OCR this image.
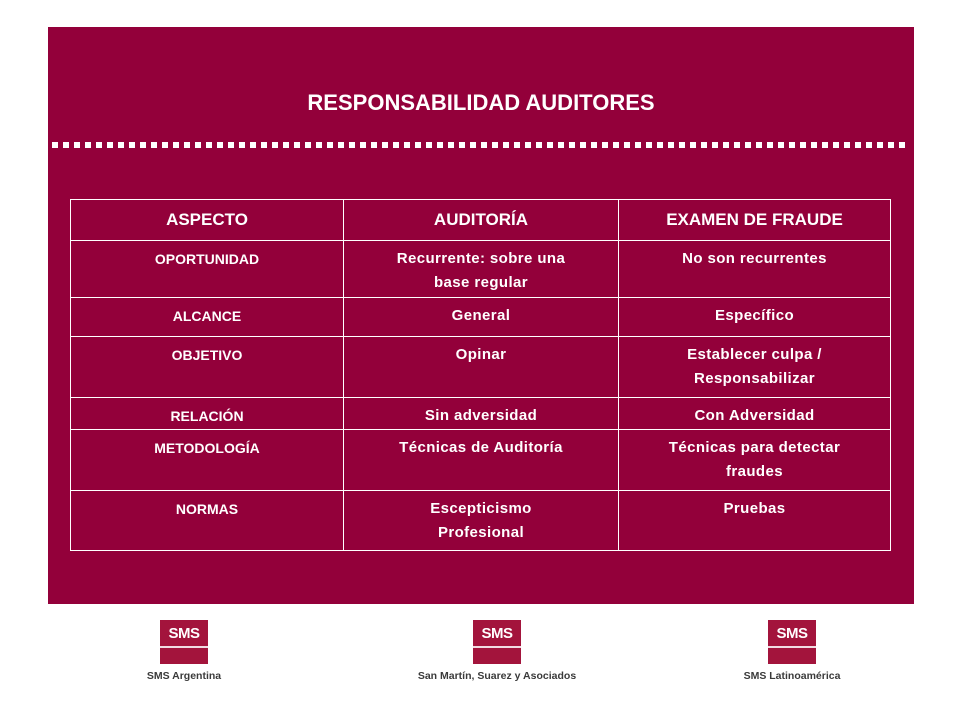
RESPONSABILIDAD AUDITORES
ASPECTO	AUDITORÍA	EXAMEN DE FRAUDE
OPORTUNIDAD	Recurrente: sobre una base regular	No son recurrentes
ALCANCE	General	Específico
OBJETIVO	Opinar	Establecer culpa / Responsabilizar
RELACIÓN	Sin adversidad	Con Adversidad
METODOLOGÍA	Técnicas de Auditoría	Técnicas para detectar fraudes
NORMAS	Escepticismo Profesional	Pruebas
SMS
SMS Argentina
SMS
San Martín, Suarez y Asociados
SMS
SMS Latinoamérica
